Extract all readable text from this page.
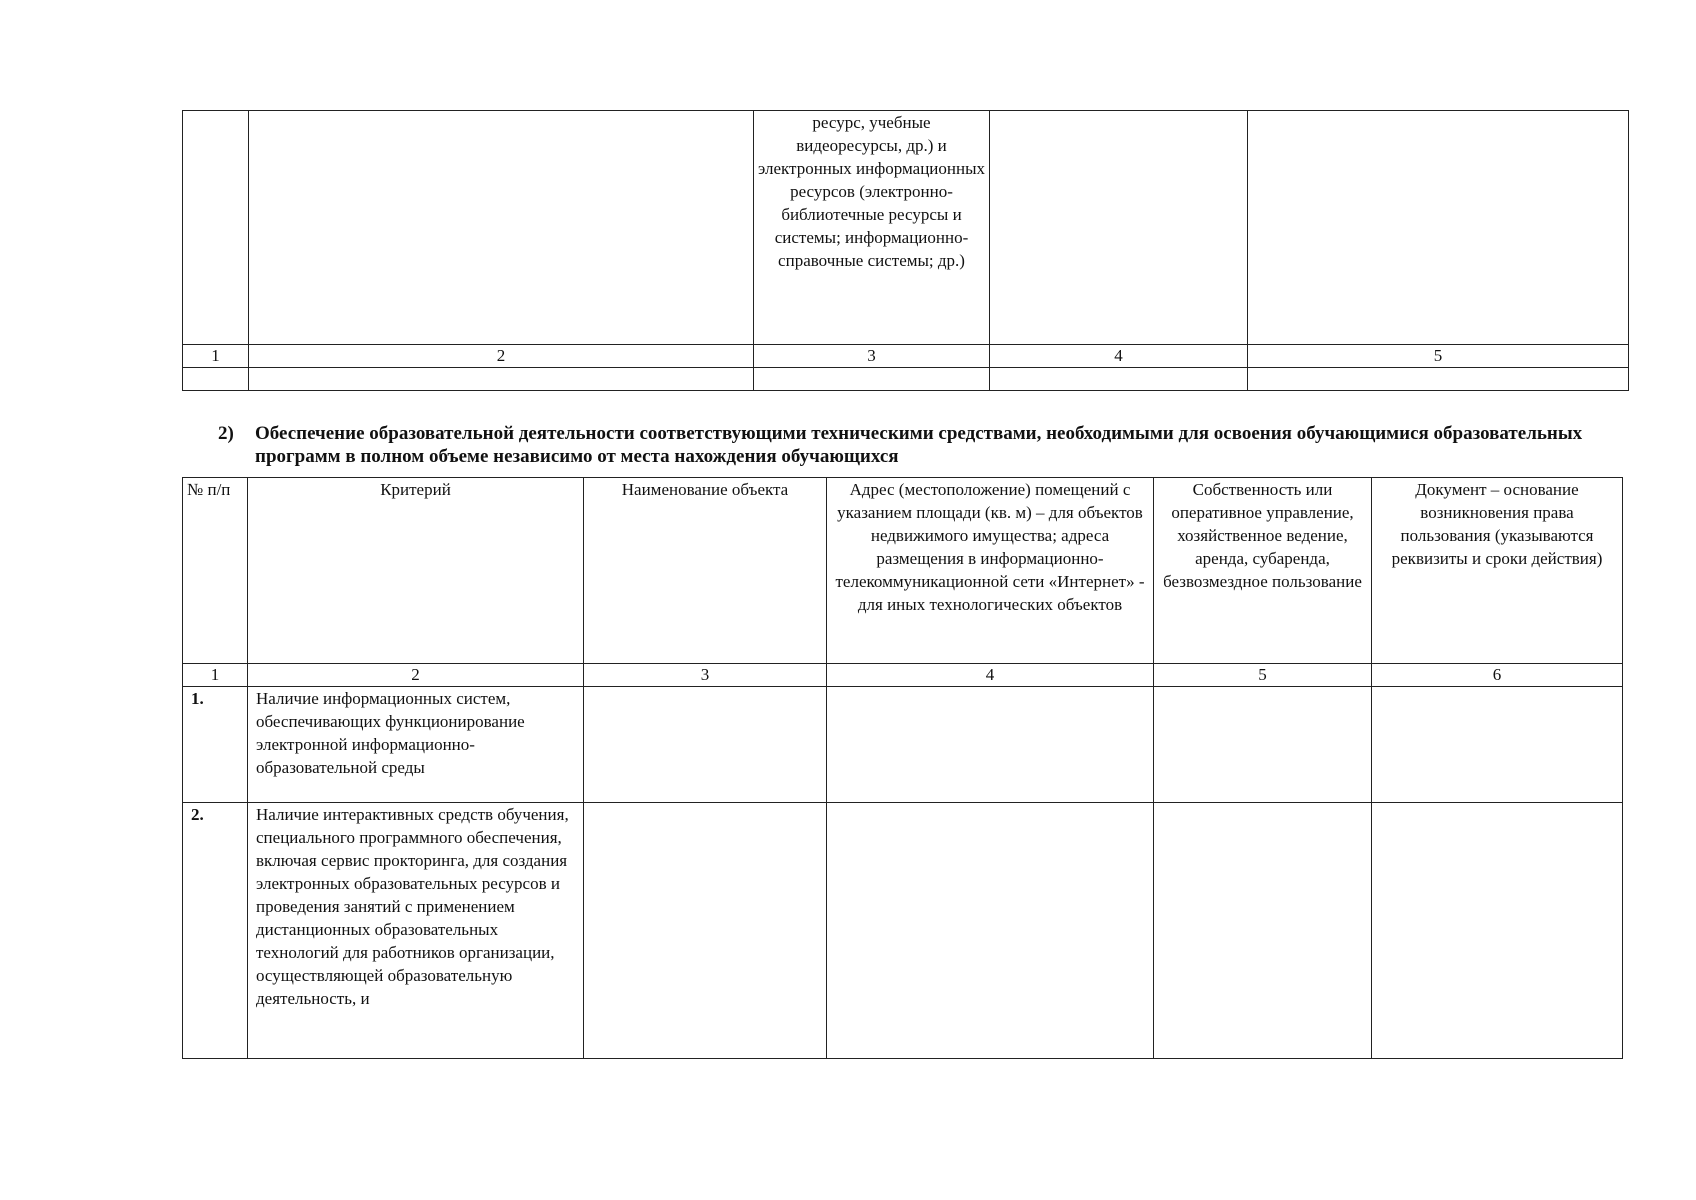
		ресурс, учебные видеоресурсы, др.) и электронных информационных ресурсов (электронно-библиотечные ресурсы и системы; информационно-справочные системы; др.)		
1	2	3	4	5

2) Обеспечение образовательной деятельности соответствующими техническими средствами, необходимыми для освоения обучающимися образовательных программ в полном объеме независимо от места нахождения обучающихся
№ п/п	Критерий	Наименование объекта	Адрес (местоположение) помещений с указанием площади (кв. м) – для объектов недвижимого имущества; адреса размещения в информационно-телекоммуникационной сети «Интернет» - для иных технологических объектов	Собственность или оперативное управление, хозяйственное ведение, аренда, субаренда, безвозмездное пользование	Документ – основание возникновения права пользования (указываются реквизиты и сроки действия)
1	2	3	4	5	6
1.	Наличие информационных систем, обеспечивающих функционирование электронной информационно-образовательной среды				
2.	Наличие интерактивных средств обучения, специального программного обеспечения, включая сервис прокторинга, для создания электронных образовательных ресурсов и проведения занятий с применением дистанционных образовательных технологий для работников организации, осуществляющей образовательную деятельность, и				
